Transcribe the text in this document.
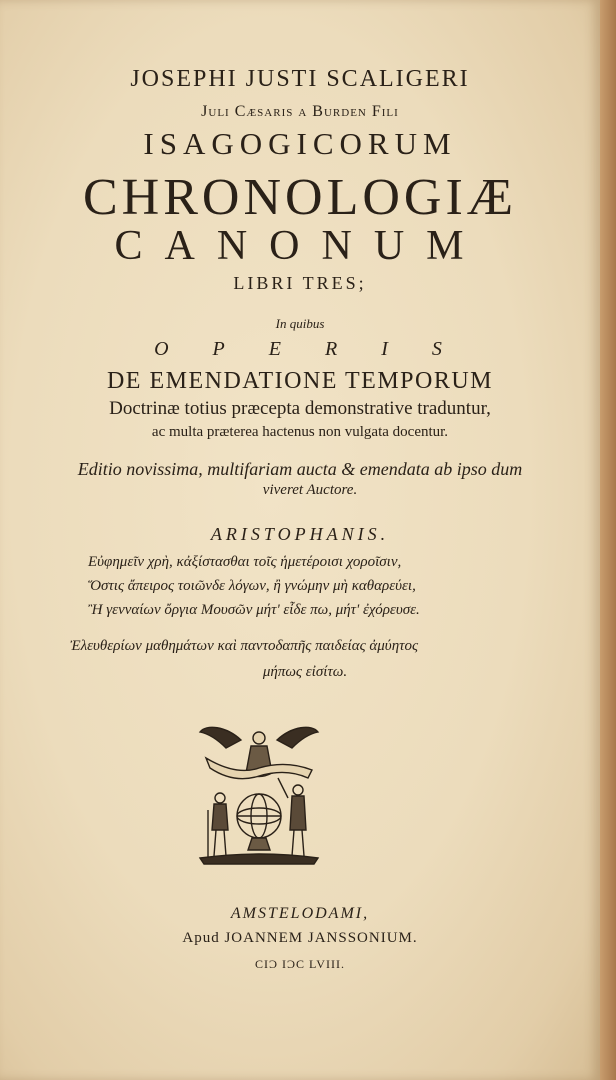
JOSEPHI JUSTI SCALIGERI
Juli Cæsaris a Burden Fili
ISAGOGICORUM
CHRONOLOGIÆ
CANONUM
LIBRI TRES;
In quibus
OPERIS
DE EMENDATIONE TEMPORUM
Doctrinæ totius præcepta demonstrative traduntur,
ac multa præterea hactenus non vulgata docentur.
Editio novissima, multifariam aucta & emendata ab ipso dum
viveret Auctore.
ARISTOPHANIS.
Εὐφημεῖν χρὴ, κἀξίστασθαι τοῖς ἡμετέροισι χοροῖσιν,
Ὅστις ἄπειρος τοιῶνδε λόγων, ἢ γνώμην μὴ καθαρεύει,
Ἢ γενναίων ὄργια Μουσῶν μήτ' εἶδε πω, μήτ' ἐχόρευσε.
Ἐλευθερίων μαθημάτων καὶ παντοδαπῆς παιδείας ἀμύητος
μήπως εἰσίτω.
AMSTELODAMI,
Apud JOANNEM JANSSONIUM.
CIƆ IƆC LVIII.
